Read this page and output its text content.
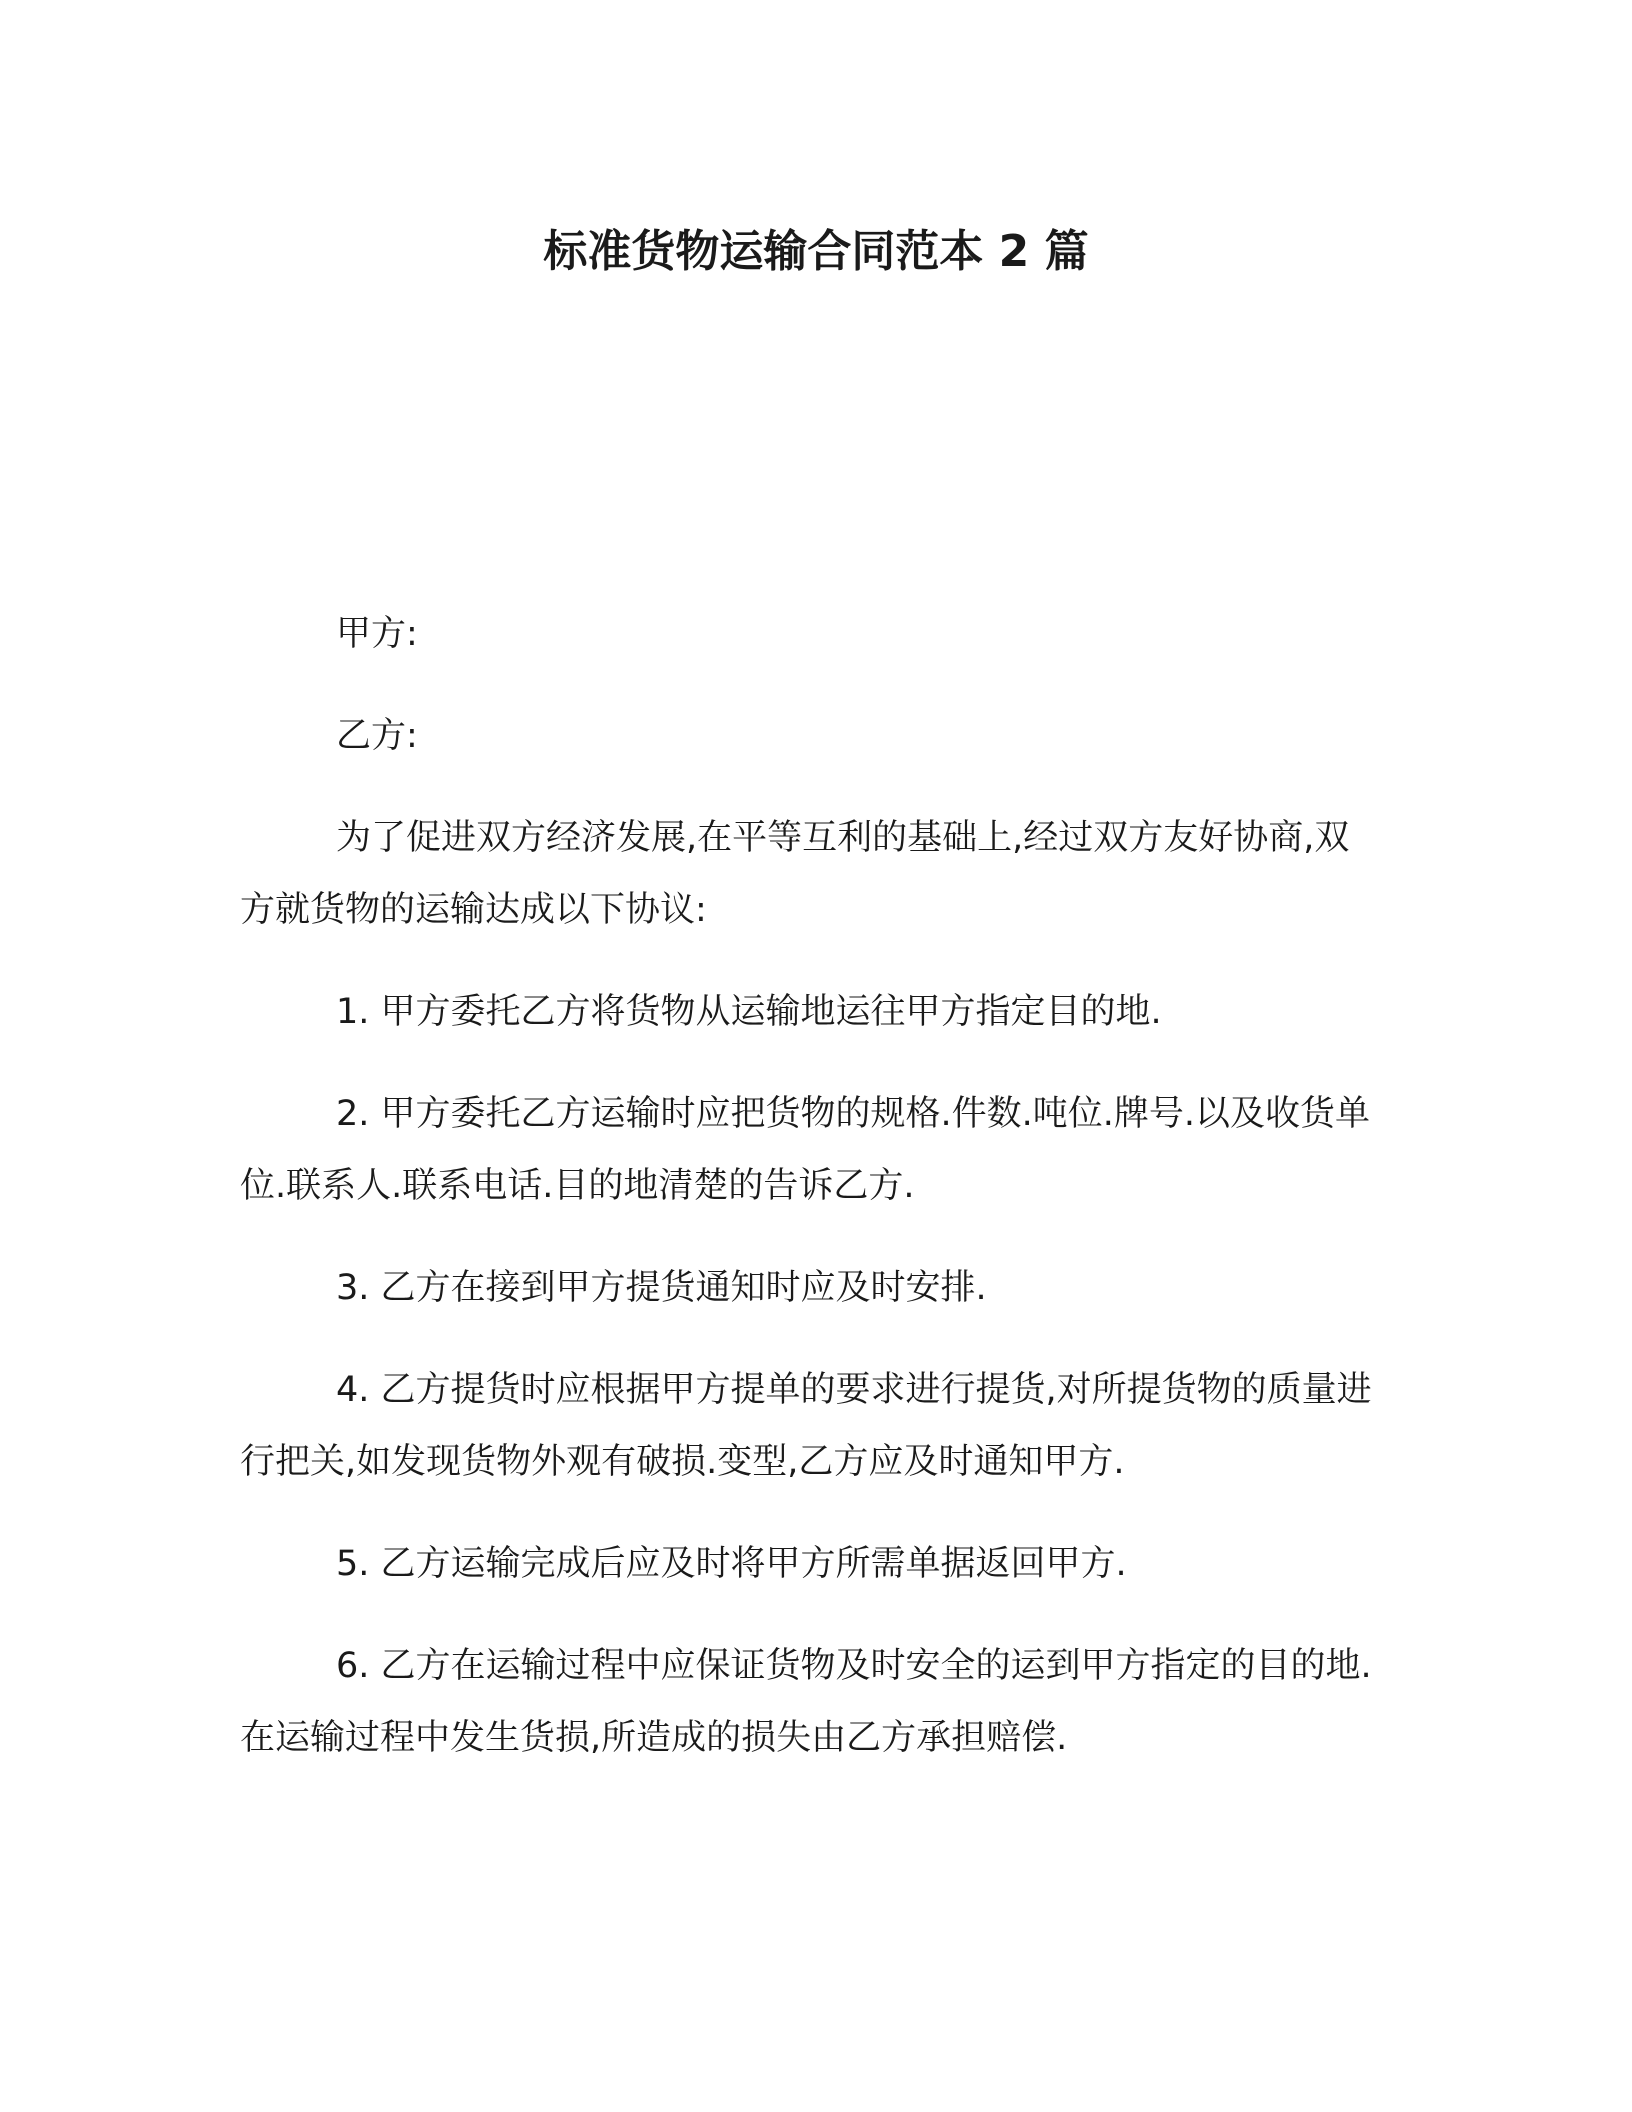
标准货物运输合同范本 2 篇

甲方:

乙方:

为了促进双方经济发展,在平等互利的基础上,经过双方友好协商,双方就货物的运输达成以下协议:

1. 甲方委托乙方将货物从运输地运往甲方指定目的地.

2. 甲方委托乙方运输时应把货物的规格.件数.吨位.牌号.以及收货单位.联系人.联系电话.目的地清楚的告诉乙方.

3. 乙方在接到甲方提货通知时应及时安排.

4. 乙方提货时应根据甲方提单的要求进行提货,对所提货物的质量进行把关,如发现货物外观有破损.变型,乙方应及时通知甲方.

5. 乙方运输完成后应及时将甲方所需单据返回甲方.

6. 乙方在运输过程中应保证货物及时安全的运到甲方指定的目的地.在运输过程中发生货损,所造成的损失由乙方承担赔偿.
